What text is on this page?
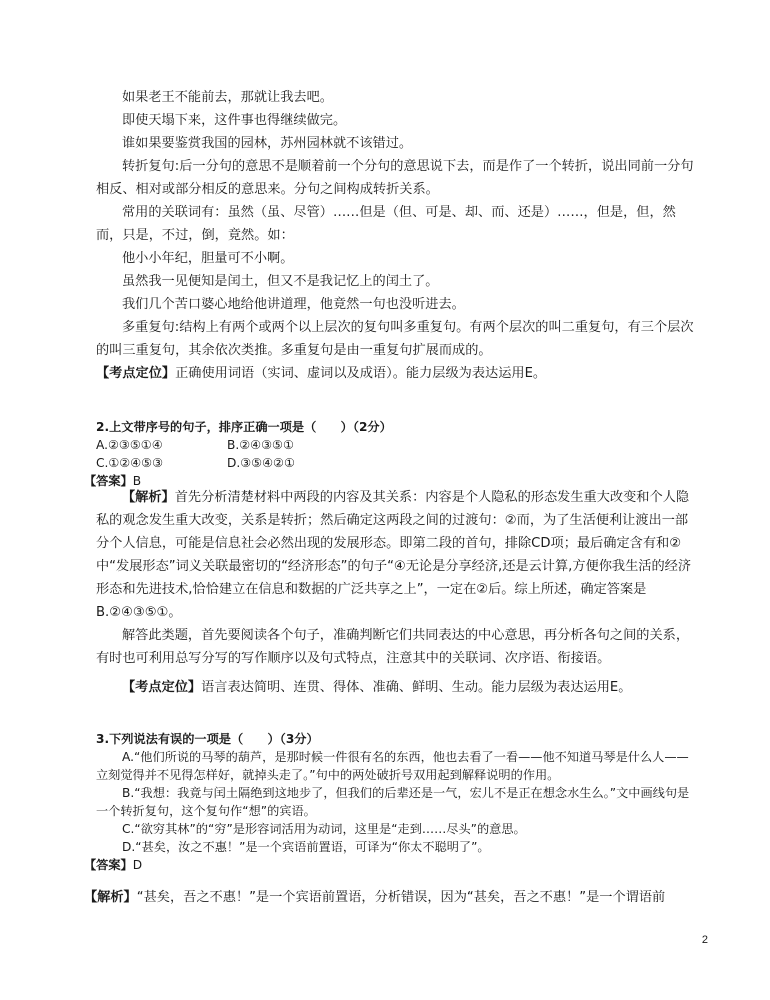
如果老王不能前去，那就让我去吧。

即使天塌下来，这件事也得继续做完。

谁如果要鉴赏我国的园林，苏州园林就不该错过。

转折复句:后一分句的意思不是顺着前一个分句的意思说下去，而是作了一个转折，说出同前一分句相反、相对或部分相反的意思来。分句之间构成转折关系。

常用的关联词有：虽然（虽、尽管）……但是（但、可是、却、而、还是）……，但是，但，然而，只是，不过，倒，竟然。如：

他小小年纪，胆量可不小啊。

虽然我一见便知是闰土，但又不是我记忆上的闰土了。

我们几个苦口婆心地给他讲道理，他竟然一句也没听进去。

多重复句:结构上有两个或两个以上层次的复句叫多重复句。有两个层次的叫二重复句，有三个层次的叫三重复句，其余依次类推。多重复句是由一重复句扩展而成的。

【考点定位】正确使用词语（实词、虚词以及成语）。能力层级为表达运用E。

2.上文带序号的句子，排序正确一项是（　　）（2分）

A.②③⑤①④	B.②④③⑤①
C.①②④⑤③	D.③⑤④②①

【答案】B

【解析】首先分析清楚材料中两段的内容及其关系：内容是个人隐私的形态发生重大改变和个人隐私的观念发生重大改变，关系是转折；然后确定这两段之间的过渡句：②而，为了生活便利让渡出一部分个人信息，可能是信息社会必然出现的发展形态。即第二段的首句，排除CD项；最后确定含有和②中“发展形态”词义关联最密切的“经济形态”的句子“④无论是分享经济,还是云计算,方便你我生活的经济形态和先进技术,恰恰建立在信息和数据的广泛共享之上”，一定在②后。综上所述，确定答案是 B.②④③⑤①。

解答此类题，首先要阅读各个句子，准确判断它们共同表达的中心意思，再分析各句之间的关系，有时也可利用总写分写的写作顺序以及句式特点，注意其中的关联词、次序语、衔接语。

【考点定位】语言表达简明、连贯、得体、准确、鲜明、生动。能力层级为表达运用E。

3.下列说法有误的一项是（　　）（3分）

A.“他们所说的马琴的葫芦，是那时候一件很有名的东西，他也去看了一看——他不知道马琴是什么人——立刻觉得并不见得怎样好，就掉头走了。”句中的两处破折号双用起到解释说明的作用。

B.“我想：我竟与闰土隔绝到这地步了，但我们的后辈还是一气，宏儿不是正在想念水生么。”文中画线句是一个转折复句，这个复句作“想”的宾语。

C.“欲穷其林”的“穷”是形容词活用为动词，这里是“走到……尽头”的意思。

D.“甚矣，汝之不惠！”是一个宾语前置语，可译为“你太不聪明了”。

【答案】D

【解析】“甚矣，吾之不惠！”是一个宾语前置语，分析错误，因为“甚矣，吾之不惠！”是一个谓语前

2
